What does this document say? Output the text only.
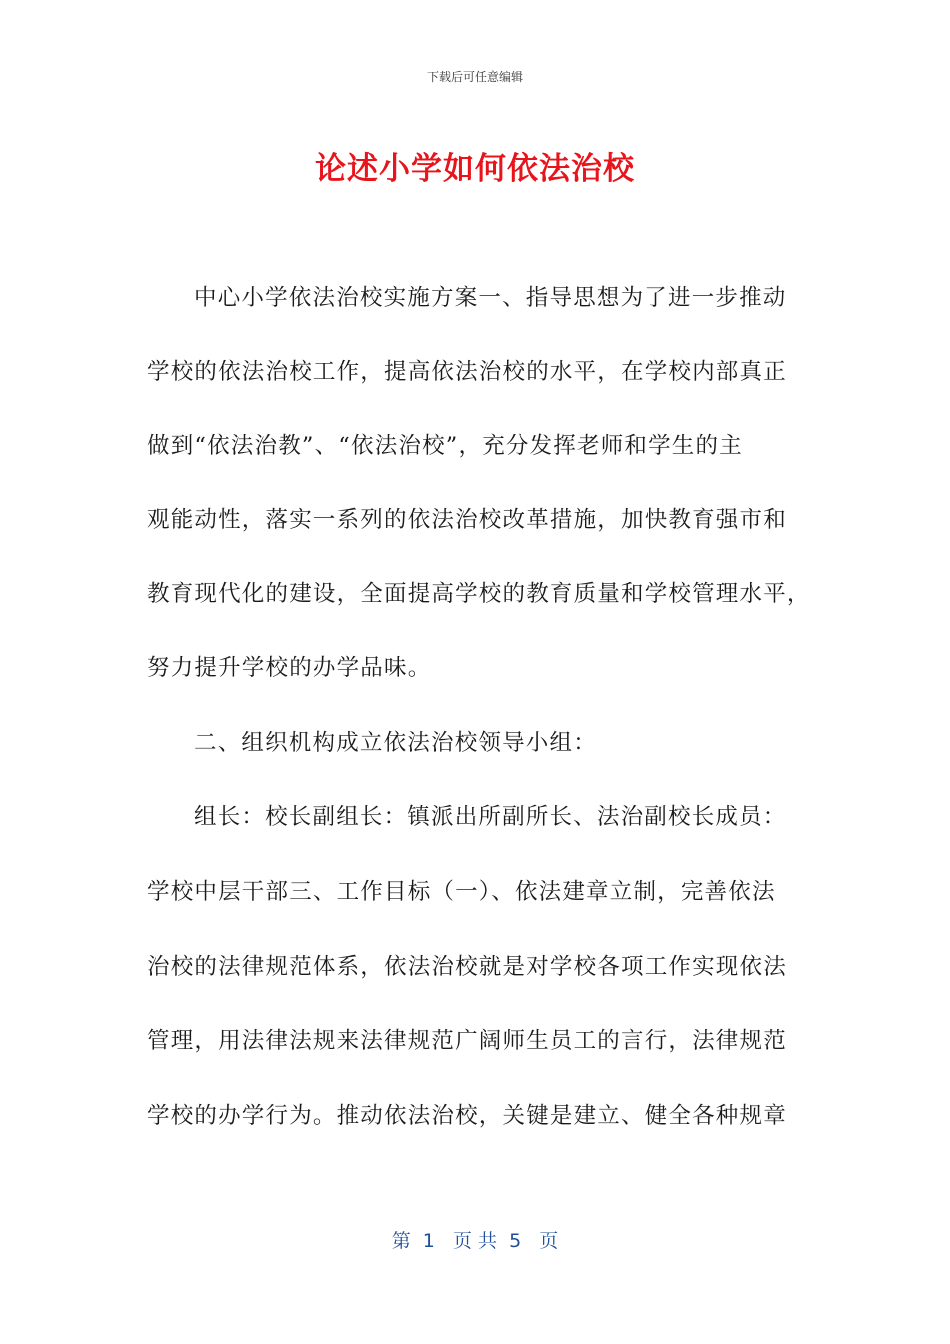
下载后可任意编辑
论述小学如何依法治校
中心小学依法治校实施方案一、指导思想为了进一步推动
学校的依法治校工作，提高依法治校的水平，在学校内部真正
做到“依法治教”、“依法治校”，充分发挥老师和学生的主
观能动性，落实一系列的依法治校改革措施，加快教育强市和
教育现代化的建设，全面提高学校的教育质量和学校管理水平，
努力提升学校的办学品味。
二、组织机构成立依法治校领导小组：
组长：校长副组长：镇派出所副所长、法治副校长成员：
学校中层干部三、工作目标（一）、依法建章立制，完善依法
治校的法律规范体系，依法治校就是对学校各项工作实现依法
管理，用法律法规来法律规范广阔师生员工的言行，法律规范
学校的办学行为。推动依法治校，关键是建立、健全各种规章
第  1   页 共  5   页
